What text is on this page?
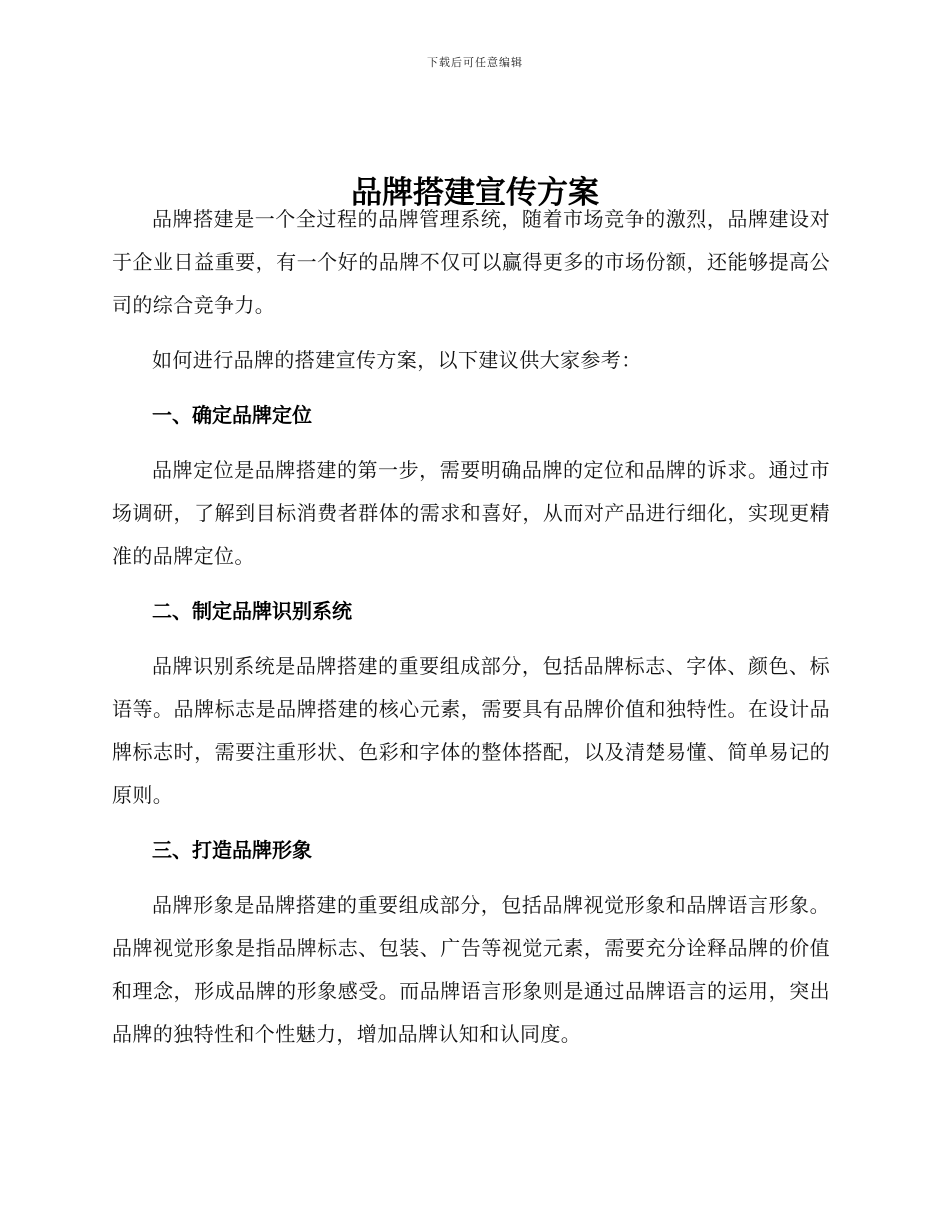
下载后可任意编辑
品牌搭建宣传方案

品牌搭建是一个全过程的品牌管理系统，随着市场竞争的激烈，品牌建设对于企业日益重要，有一个好的品牌不仅可以赢得更多的市场份额，还能够提高公司的综合竞争力。

如何进行品牌的搭建宣传方案，以下建议供大家参考：

一、确定品牌定位

品牌定位是品牌搭建的第一步，需要明确品牌的定位和品牌的诉求。通过市场调研，了解到目标消费者群体的需求和喜好，从而对产品进行细化，实现更精准的品牌定位。

二、制定品牌识别系统

品牌识别系统是品牌搭建的重要组成部分，包括品牌标志、字体、颜色、标语等。品牌标志是品牌搭建的核心元素，需要具有品牌价值和独特性。在设计品牌标志时，需要注重形状、色彩和字体的整体搭配，以及清楚易懂、简单易记的原则。

三、打造品牌形象

品牌形象是品牌搭建的重要组成部分，包括品牌视觉形象和品牌语言形象。品牌视觉形象是指品牌标志、包装、广告等视觉元素，需要充分诠释品牌的价值和理念，形成品牌的形象感受。而品牌语言形象则是通过品牌语言的运用，突出品牌的独特性和个性魅力，增加品牌认知和认同度。
